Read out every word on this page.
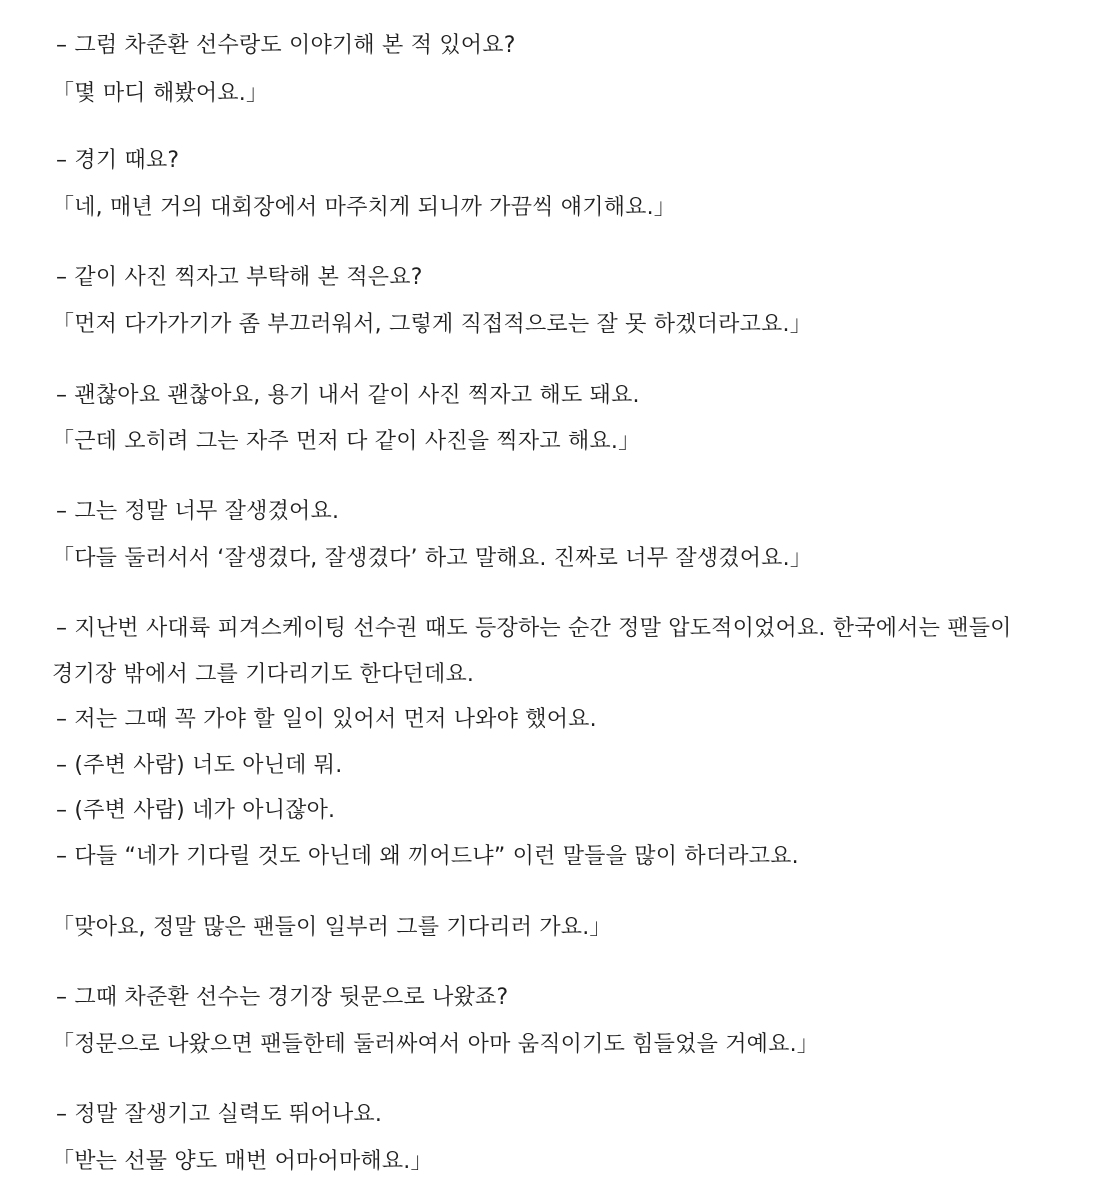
– 그럼 차준환 선수랑도 이야기해 본 적 있어요?
「몇 마디 해봤어요.」
– 경기 때요?
「네, 매년 거의 대회장에서 마주치게 되니까 가끔씩 얘기해요.」
– 같이 사진 찍자고 부탁해 본 적은요?
「먼저 다가가기가 좀 부끄러워서, 그렇게 직접적으로는 잘 못 하겠더라고요.」
– 괜찮아요 괜찮아요, 용기 내서 같이 사진 찍자고 해도 돼요.
「근데 오히려 그는 자주 먼저 다 같이 사진을 찍자고 해요.」
– 그는 정말 너무 잘생겼어요.
「다들 둘러서서 ‘잘생겼다, 잘생겼다’ 하고 말해요. 진짜로 너무 잘생겼어요.」
– 지난번 사대륙 피겨스케이팅 선수권 때도 등장하는 순간 정말 압도적이었어요. 한국에서는 팬들이
경기장 밖에서 그를 기다리기도 한다던데요.
– 저는 그때 꼭 가야 할 일이 있어서 먼저 나와야 했어요.
– (주변 사람) 너도 아닌데 뭐.
– (주변 사람) 네가 아니잖아.
– 다들 “네가 기다릴 것도 아닌데 왜 끼어드냐” 이런 말들을 많이 하더라고요.
「맞아요, 정말 많은 팬들이 일부러 그를 기다리러 가요.」
– 그때 차준환 선수는 경기장 뒷문으로 나왔죠?
「정문으로 나왔으면 팬들한테 둘러싸여서 아마 움직이기도 힘들었을 거예요.」
– 정말 잘생기고 실력도 뛰어나요.
「받는 선물 양도 매번 어마어마해요.」
